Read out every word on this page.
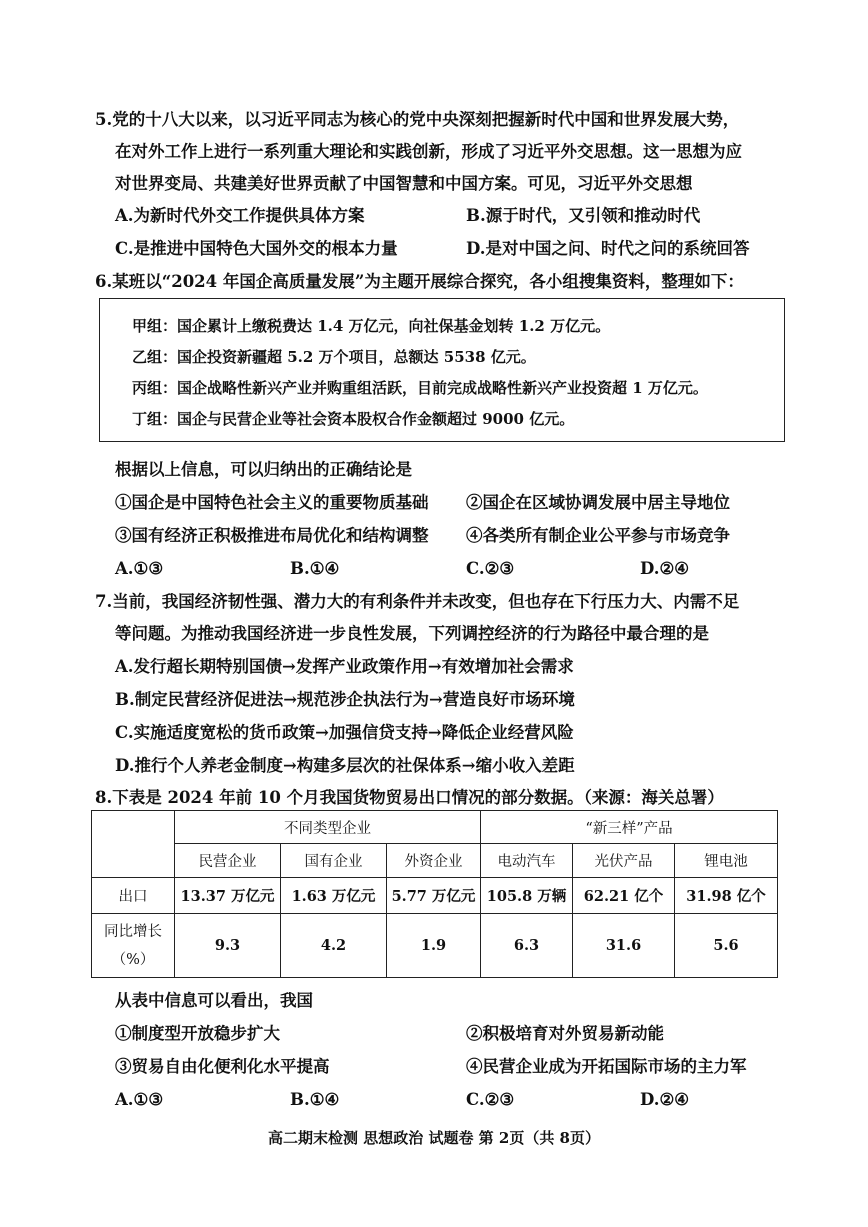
5.党的十八大以来，以习近平同志为核心的党中央深刻把握新时代中国和世界发展大势，
在对外工作上进行一系列重大理论和实践创新，形成了习近平外交思想。这一思想为应
对世界变局、共建美好世界贡献了中国智慧和中国方案。可见，习近平外交思想
A.为新时代外交工作提供具体方案	B.源于时代，又引领和推动时代
C.是推进中国特色大国外交的根本力量	D.是对中国之问、时代之问的系统回答
6.某班以“2024 年国企高质量发展”为主题开展综合探究，各小组搜集资料，整理如下：
甲组：国企累计上缴税费达 1.4 万亿元，向社保基金划转 1.2 万亿元。
乙组：国企投资新疆超 5.2 万个项目，总额达 5538 亿元。
丙组：国企战略性新兴产业并购重组活跃，目前完成战略性新兴产业投资超 1 万亿元。
丁组：国企与民营企业等社会资本股权合作金额超过 9000 亿元。
根据以上信息，可以归纳出的正确结论是
①国企是中国特色社会主义的重要物质基础 ②国企在区域协调发展中居主导地位
③国有经济正积极推进布局优化和结构调整 ④各类所有制企业公平参与市场竞争
A.①③	B.①④	C.②③	D.②④
7.当前，我国经济韧性强、潜力大的有利条件并未改变，但也存在下行压力大、内需不足
等问题。为推动我国经济进一步良性发展，下列调控经济的行为路径中最合理的是
A.发行超长期特别国债→发挥产业政策作用→有效增加社会需求
B.制定民营经济促进法→规范涉企执法行为→营造良好市场环境
C.实施适度宽松的货币政策→加强信贷支持→降低企业经营风险
D.推行个人养老金制度→构建多层次的社保体系→缩小收入差距
8.下表是 2024 年前 10 个月我国货物贸易出口情况的部分数据。（来源：海关总署）
	不同类型企业			“新三样”产品		
	民营企业	国有企业	外资企业	电动汽车	光伏产品	锂电池
出口	13.37 万亿元	1.63 万亿元	5.77 万亿元	105.8 万辆	62.21 亿个	31.98 亿个

同比增长
（%）	9.3	4.2	1.9	6.3	31.6	5.6
从表中信息可以看出，我国
①制度型开放稳步扩大	②积极培育对外贸易新动能
③贸易自由化便利化水平提高	④民营企业成为开拓国际市场的主力军
A.①③	B.①④	C.②③	D.②④
高二期末检测 思想政治 试题卷 第 2页（共 8页）
